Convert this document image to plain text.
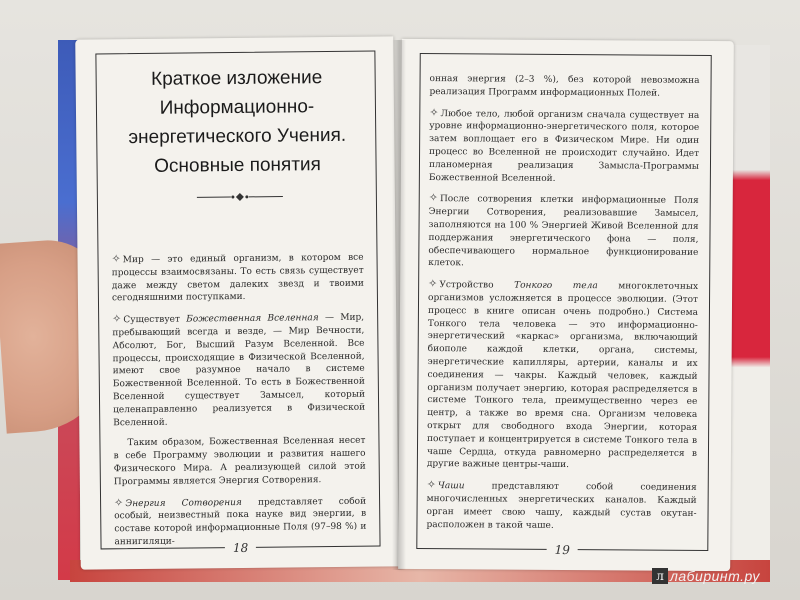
18
Краткое изложение
Информационно-
энергетического Учения.
Основные понятия

✧ Мир — это единый организм, в котором все процессы взаимосвязаны. То есть связь существует даже между светом далеких звезд и твоими сегодняшними поступками.

✧ Существует Божественная Вселенная — Мир, пребывающий всегда и везде, — Мир Вечности, Абсолют, Бог, Высший Разум Вселенной. Все процессы, происходящие в Физической Вселенной, имеют свое разумное начало в системе Божественной Вселенной. То есть в Божественной Вселенной существует Замысел, который целенаправленно реализуется в Физической Вселенной.

Таким образом, Божественная Вселенная несет в себе Программу эволюции и развития нашего Физического Мира. А реализующей силой этой Программы является Энергия Сотворения.

✧ Энергия Сотворения представляет собой особый, неизвестный пока науке вид энергии, в составе которой информационные Поля (97–98 %) и аннигиляци-

19

онная энергия (2–3 %), без которой невозможна реализация Программ информационных Полей.

✧ Любое тело, любой организм сначала существует на уровне информационно-энергетического поля, которое затем воплощает его в Физическом Мире. Ни один процесс во Вселенной не происходит случайно. Идет планомерная реализация Замысла-Программы Божественной Вселенной.

✧ После сотворения клетки информационные Поля Энергии Сотворения, реализовавшие Замысел, заполняются на 100 % Энергией Живой Вселенной для поддержания энергетического фона — поля, обеспечивающего нормальное функционирование клеток.

✧ Устройство Тонкого тела многоклеточных организмов усложняется в процессе эволюции. (Этот процесс в книге описан очень подробно.) Система Тонкого тела человека — это информационно-энергетический «каркас» организма, включающий биополе каждой клетки, органа, системы, энергетические капилляры, артерии, каналы и их соединения — чакры. Каждый человек, каждый организм получает энергию, которая распределяется в системе Тонкого тела, преимущественно через ее центр, а также во время сна. Организм человека открыт для свободного входа Энергии, которая поступает и концентрируется в системе Тонкого тела в чаше Сердца, откуда равномерно распределяется в другие важные центры-чаши.

✧ Чаши представляют собой соединения многочисленных энергетических каналов. Каждый орган имеет свою чашу, каждый сустав окутан-расположен в такой чаше.

л лабиринт.ру
